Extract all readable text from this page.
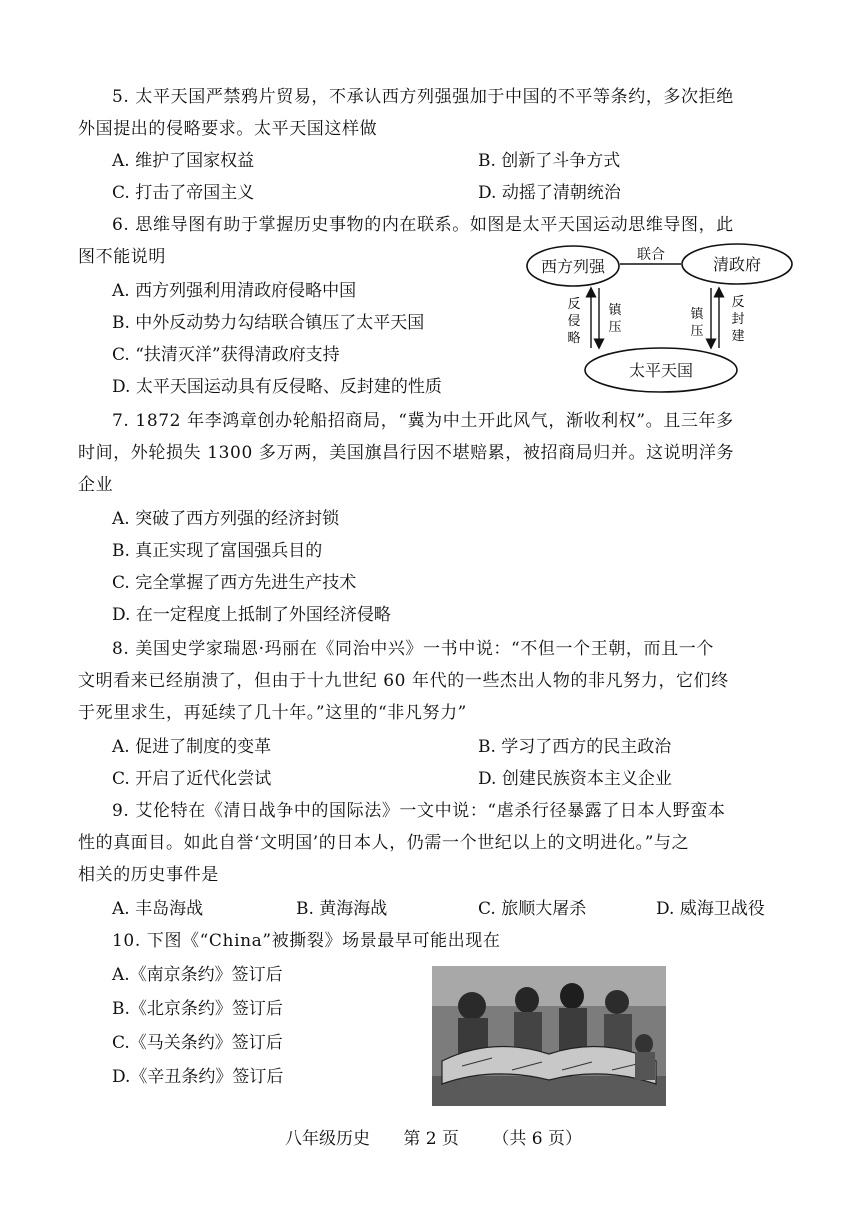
5. 太平天国严禁鸦片贸易，不承认西方列强强加于中国的不平等条约，多次拒绝
外国提出的侵略要求。太平天国这样做
A. 维护了国家权益	B. 创新了斗争方式
C. 打击了帝国主义	D. 动摇了清朝统治
6. 思维导图有助于掌握历史事物的内在联系。如图是太平天国运动思维导图，此
图不能说明
A. 西方列强利用清政府侵略中国
B. 中外反动势力勾结联合镇压了太平天国
C. “扶清灭洋”获得清政府支持
D. 太平天国运动具有反侵略、反封建的性质
西方列强	清政府
太平天国
联合
反
侵
略
镇
压
镇
压
反
封
建
7. 1872 年李鸿章创办轮船招商局，“冀为中土开此风气，渐收利权”。且三年多
时间，外轮损失 1300 多万两，美国旗昌行因不堪赔累，被招商局归并。这说明洋务
企业
A. 突破了西方列强的经济封锁
B. 真正实现了富国强兵目的
C. 完全掌握了西方先进生产技术
D. 在一定程度上抵制了外国经济侵略
8. 美国史学家瑞恩·玛丽在《同治中兴》一书中说：“不但一个王朝，而且一个
文明看来已经崩溃了，但由于十九世纪 60 年代的一些杰出人物的非凡努力，它们终
于死里求生，再延续了几十年。”这里的“非凡努力”
A. 促进了制度的变革	B. 学习了西方的民主政治
C. 开启了近代化尝试	D. 创建民族资本主义企业
9. 艾伦特在《清日战争中的国际法》一文中说：“虐杀行径暴露了日本人野蛮本
性的真面目。如此自誉‘文明国’的日本人，仍需一个世纪以上的文明进化。”与之
相关的历史事件是
A. 丰岛海战	B. 黄海海战	C. 旅顺大屠杀	D. 威海卫战役
10. 下图《“China”被撕裂》场景最早可能出现在
A.《南京条约》签订后
B.《北京条约》签订后
C.《马关条约》签订后
D.《辛丑条约》签订后
八年级历史 第 2 页 （共 6 页）
